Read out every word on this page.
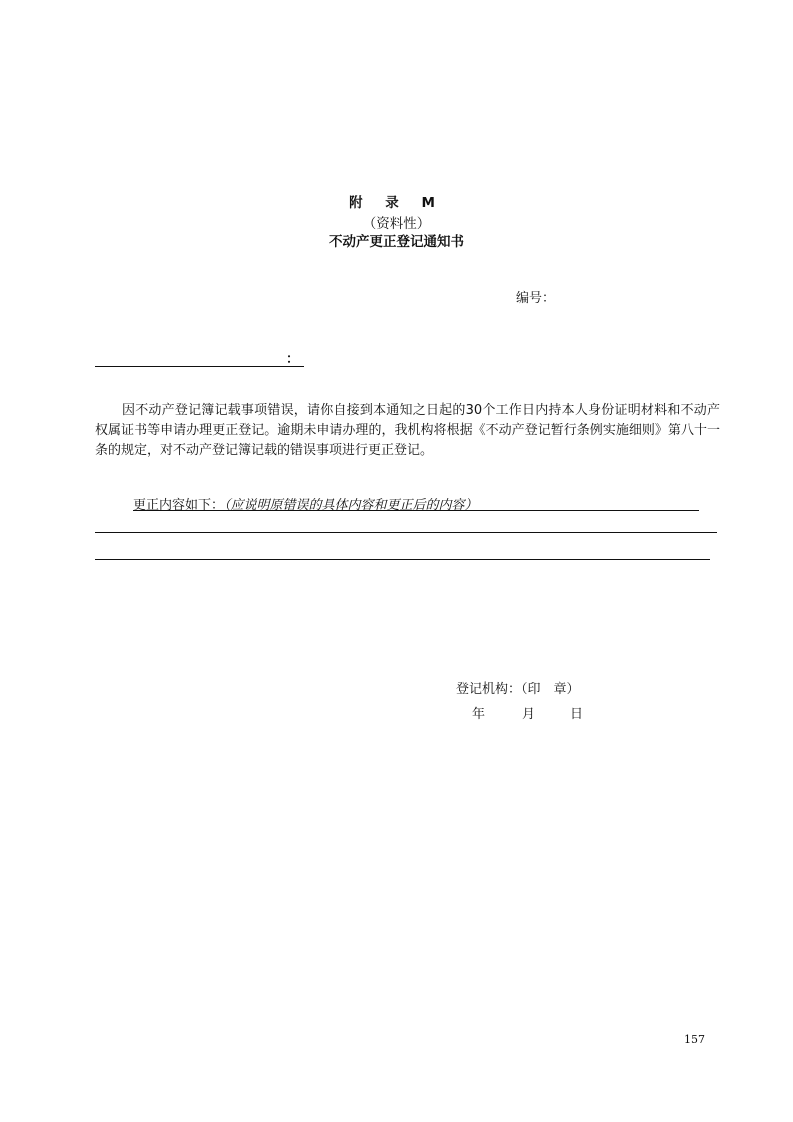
附 录 M
（资料性）
不动产更正登记通知书
编号：
：
因不动产登记簿记载事项错误，请你自接到本通知之日起的30个工作日内持本人身份证明材料和不动产权属证书等申请办理更正登记。逾期未申请办理的，我机构将根据《不动产登记暂行条例实施细则》第八十一条的规定，对不动产登记簿记载的错误事项进行更正登记。
更正内容如下：（应说明原错误的具体内容和更正后的内容）
登记机构：（印　章）
年	月	日
157
